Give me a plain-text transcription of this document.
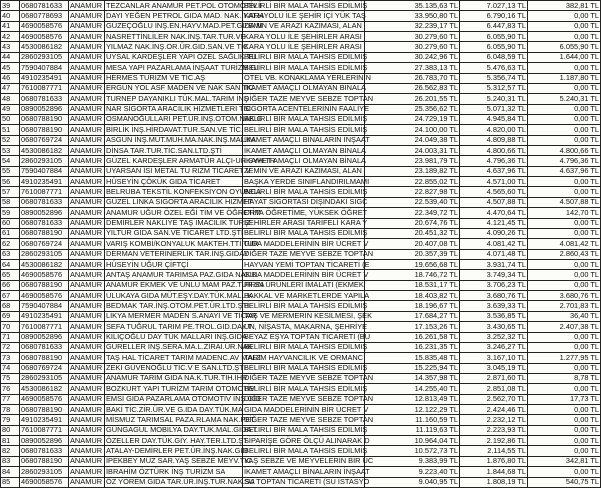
39	0680781633	ANAMUR	TEZCANLAR ANAMUR PET.POL OTOMOTİV İ	BELİRLİ BİR MALA TAHSİS EDİLMİŞ	35.135,63 TL	7.027,13 TL	382,81 TL
40	0680778693	ANAMUR	DAYI YEĞEN PETROL GIDA MAD. NAK. YAT.H	KARAYOLU İLE ŞEHİR İÇİ YÜK TAŞ	33.950,80 TL	6.790,16 TL	0,00 TL
41	4690058576	ANAMUR	GÜZEÇOĞLU İNŞ.EN.HAYV.MAD.PET.GIDA M	ZEMİN VE ARAZİ KAZIMASI, ALAN	32.239,17 TL	6.447,83 TL	0,00 TL
42	4690058576	ANAMUR	NASRETTİNLİLER NAK.İNŞ.TAR.TUR.VE	KARA YOLU İLE ŞEHİRLER ARASI	30.279,60 TL	6.055,90 TL	0,00 TL
43	4530086182	ANAMUR	YILMAZ NAK.İNŞ.OR.ÜR.GID.SAN.VE TİC	KARA YOLU İLE ŞEHİRLER ARASI	30.279,60 TL	6.055,90 TL	6.055,90 TL
44	2860293105	ANAMUR	UYSAL KARDEŞLER YAPI ÖZEL SAĞLIK TU	BELİRLİ BİR MALA TAHSİS EDİLMİŞ	30.242,96 TL	6.048,59 TL	1.644,00 TL
45	7590407884	ANAMUR	MESA YAPI PAZARLAMA İNŞAAT TURİZM GI	BELİRLİ BİR MALA TAHSİS EDİLMİŞ	27.383,13 TL	5.476,63 TL	0,00 TL
46	4910235491	ANAMUR	HERMES TURİZM VE TİC.AŞ	OTEL VB. KONAKLAMA YERLERİNİN	26.783,70 TL	5.356,74 TL	1.187,80 TL
47	7610087771	ANAMUR	ERGÜN YOL ASF MADEN VE NAK SAN TİC	İKAMET AMAÇLI OLMAYAN BİNALA	26.562,83 TL	5.312,57 TL	0,00 TL
48	0680781633	ANAMUR	TURNEP DAYANIKLI TÜK.MAL.TARIM İNŞ	DİĞER TAZE MEYVE SEBZE TOPTAN	26.201,55 TL	5.240,31 TL	5.240,31 TL
49	0890052896	ANAMUR	NAR SİGORTA ARACILIK HİZMETLERİ TİC	SİGORTA ACENTELERİNİN FAALİYE	25.356,62 TL	5.071,32 TL	0,00 TL
50	0680788190	ANAMUR	OSMANOĞULLARI PET.ÜR.İNŞ.OTOM.NAK.G	BELİRLİ BİR MALA TAHSİS EDİLMİŞ	24.729,19 TL	4.945,84 TL	0,00 TL
51	0680788190	ANAMUR	BİRLİK İNŞ.HİRDAVAT.TUR.SAN.VE TİC.	BELİRLİ BİR MALA TAHSİS EDİLMİŞ	24.100,00 TL	4.820,00 TL	0,00 TL
52	0680769724	ANAMUR	ASGÜN İNŞ.MÜT.MÜH.MA.NAK.İNŞ.MAL.İM	İKAMET AMAÇLI BİNALARIN İNŞAAT	24.049,38 TL	4.809,88 TL	0,00 TL
53	4530086182	ANAMUR	DİNSA TAR.TUR.TİC.SAN.LTD.ŞTİ	İKAMET AMAÇLI OLMAYAN BİNALA	24.003,31 TL	4.800,66 TL	4.800,66 TL
54	2860293105	ANAMUR	GÜZEL KARDEŞLER ARMATÜR ALÇI-UR.SYH.TR	İKAMET AMAÇLI OLMAYAN BİNALA	23.981,79 TL	4.796,36 TL	4.796,36 TL
55	7590407884	ANAMUR	UYARSAN İSİ METAL TU RIZM TİCARET V	ZEMİN VE ARAZİ KAZIMASI, ALAN	23.189,82 TL	4.637,96 TL	4.637,96 TL
56	4910235491	ANAMUR	HÜSEYİN ÇÖKÜK GIDA TİCARET	BAŞKA YERDE SINIFLANDIRILMAMI	22.855,02 TL	4.571,00 TL	0,00 TL
57	7610087771	ANAMUR	BELRUBA TEKSTİL KONFEKSİYON OYUNCA	BELİRLİ BİR MALA TAHSİS EDİLMİŞ	22.827,98 TL	4.565,60 TL	0,00 TL
58	0680781633	ANAMUR	GÜZEL LİNKA SİGORTA ARACILIK HİZMET	HAYAT SİGORTASI DIŞINDAKİ SİGC	22.539,40 TL	4.507,88 TL	4.507,88 TL
59	0890052896	ANAMUR	ANAMUR UĞUR ÖZEL EĞİ TİM VE ÖĞRETİM	ORTA ÖĞRETİME, YÜKSEK ÖĞRET	22.349,72 TL	4.470,64 TL	142,70 TL
60	0680781633	ANAMUR	DEMİRLER NAKLİYE TAŞ IMACILIK TURİZ	ŞEHİRLER ARASI TARİFELİ KARA Y	20.674,76 TL	4.121,45 TL	0,00 TL
61	0680788190	ANAMUR	YILTUR GIDA SAN.VE TİCARET LTD.ŞTİ	BELİRLİ BİR MALA TAHSİS EDİLMİŞ	20.451,32 TL	4.090,26 TL	0,00 TL
62	0680769724	ANAMUR	VARIŞ KOMBİ/KONYALUK MAKTEH.TTİ.TUR	GIDA MADDELERİNİN BİR ÜCRET V	20.407,08 TL	4.081,42 TL	4.081,42 TL
63	2860293105	ANAMUR	DERMAN VETERİNERLİK TAR.İNŞ.GIDAY	DİĞER TAZE MEYVE SEBZE TOPTAN	20.357,39 TL	4.071,48 TL	2.860,43 TL
64	4530086182	ANAMUR	HÜSEYİN UĞUR ÇİFTÇİ	HAYVAN YEMİ TOPTAN TİCARETİ (E	19.656,68 TL	3.931,74 TL	0,00 TL
65	4690058576	ANAMUR	ANTAŞ ANAMUR TARIMSA PAZ.GIDA NAK.K	GIDA MADDELERİNİN BİR ÜCRET V	18.746,72 TL	3.749,34 TL	0,00 TL
66	0680788190	ANAMUR	ANAMUR EKMEK VE UNLU MAM PAZ.TUR.SA	FIRIN ÜRÜNLERİ İMALATI (EKMEK	18.531,17 TL	3.706,23 TL	0,00 TL
67	4690058576	ANAMUR	ULUKAYA GIDA MÜT.EŞY.DAY.TÜK.MALL K	BAKKAL VE MARKETLERDE YAPILA	18.403,82 TL	3.680,76 TL	3.680,76 TL
68	7590407884	ANAMUR	BEDMAK TAR.İNŞ.OTOM.PET.ÜR.LTD.ŞTİ.	BELİRLİ BİR MALA TAHSİS EDİLMİŞ	18.196,67 TL	3.639,33 TL	2.701,83 TL
69	4910235491	ANAMUR	LİKYA MERMER MADEN S.ANAYİ VE TİCAR	TAŞ VE MERMERİN KESİLMESİ, ŞEK	17.684,27 TL	3.536,85 TL	36,40 TL
70	7610087771	ANAMUR	SEFA TUĞRUL TARIM PE.TROL.GID.DAY.T	UN, NİŞASTA, MAKARNA, ŞEHRİYE	17.153,26 TL	3.430,65 TL	2.407,38 TL
71	0890052896	ANAMUR	KILIÇOĞLU DAY TÜK MALLARI İNŞ.GIDA	BEYAZ EŞYA TOPTAN TİCARETİ (BU	16.261,58 TL	3.252,32 TL	0,00 TL
72	0680781633	ANAMUR	GÜRELLER İNŞ.SERA.MA.L.ZİRAİ.ÜR.NAK	BELİRLİ BİR MALA TAHSİS EDİLMİŞ	16.231,35 TL	3.246,27 TL	0,00 TL
73	0680788190	ANAMUR	TAŞ HAL TİCARET TARIM MADENC.AV MALZ	TARIM HAYVANCILIK VE ORMANC	15.835,48 TL	3.167,10 TL	1.277,95 TL
74	0680769724	ANAMUR	ZEKİ GÜVENOĞLU TİC.V E SAN.LTD.ŞTİ.	BELİRLİ BİR MALA TAHSİS EDİLMİŞ	15.225,94 TL	3.045,19 TL	0,00 TL
75	2860293105	ANAMUR	ANAMUR TARIM GIDA NA.K.TUR.TİH.İHR	DİĞER TAZE MEYVE SEBZE TOPTAN	14.357,98 TL	2.871,60 TL	8,78 TL
76	4530086182	ANAMUR	BOZKURT YAPI TURİZM TARIM OTOMOTİV	BELİRLİ BİR MALA TAHSİS EDİLMİŞ	14.255,40 TL	2.851,08 TL	0,00 TL
77	4690058576	ANAMUR	EMSİ GIDA PAZARLAMA OTOMOTİV İNŞ.GID	DİĞER TAZE MEYVE SEBZE TOPTAN	12.813,49 TL	2.562,70 TL	17,73 TL
78	0680788190	ANAMUR	BAKİ TİC.ZİR.ÜR.VE G.IDA DAY.TÜK.MA	GIDA MADDELERİNİN BİR ÜCRET V	12.122,29 TL	2.424,46 TL	0,00 TL
79	4910235491	ANAMUR	MİSMUZ TARIMSAL PAZA.RLAMA NAK.PET.	DİĞER TAZE MEYVE SEBZE TOPTAN	11.160,59 TL	2.232,12 TL	0,00 TL
80	7610087771	ANAMUR	GÜNGAGUL MOBİLYA DAY.TÜK.MAL.GIDA T	BELİRLİ BİR MALA TAHSİS EDİLMİŞ	11.119,63 TL	2.223,93 TL	0,00 TL
81	0890052896	ANAMUR	ÖZELLER DAY.TÜK.GİY. HAY.TER.LTD.ŞT	SİPARİŞE GÖRE ÖLÇÜ ALINARAK D	10.964,04 TL	2.192,86 TL	0,00 TL
82	0680781633	ANAMUR	ATALAY-DEMİRLER PET.ÜR.İNŞ.NAK.GID	BELİRLİ BİR MALA TAHSİS EDİLMİŞ	10.572,73 TL	2.114,55 TL	0,00 TL
83	0680788190	ANAMUR	İPEKBEY MÜZ SAR.YAŞ SEBZE MEYV.TİC	YAŞ SEBZE VE MEYVELERİN BİR ÜC	9.383,99 TL	1.876,80 TL	342,81 TL
84	2860293105	ANAMUR	İBRAHİM ÖZTÜRK İNŞ TURİZM SA	İKAMET AMAÇLI BİNALARIN İNŞAAT	9.223,40 TL	1.844,68 TL	0,00 TL
85	4690058576	ANAMUR	ÖZ YÖREM GIDA TAR.ÜR.İNŞ.TUR.NAK.SA	SU TOPTAN TİCARETİ (SU İSTASYO	9.040,95 TL	1.808,19 TL	540,75 TL
